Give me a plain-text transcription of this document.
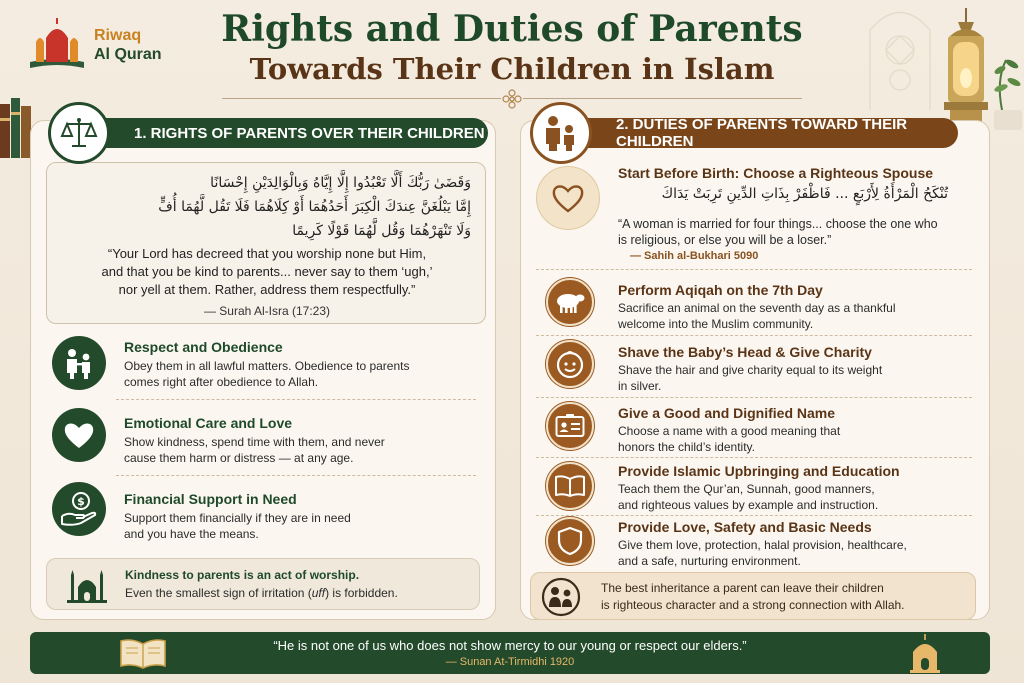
Riwaq
Al Quran
Rights and Duties of Parents
Towards Their Children in Islam
1. RIGHTS OF PARENTS OVER THEIR CHILDREN
وَقَضَىٰ رَبُّكَ أَلَّا تَعْبُدُوا إِلَّا إِيَّاهُ وَبِالْوَالِدَيْنِ إِحْسَانًا
إِمَّا يَبْلُغَنَّ عِندَكَ الْكِبَرَ أَحَدُهُمَا أَوْ كِلَاهُمَا فَلَا تَقُل لَّهُمَا أُفٍّ
وَلَا تَنْهَرْهُمَا وَقُل لَّهُمَا قَوْلًا كَرِيمًا
“Your Lord has decreed that you worship none but Him,
and that you be kind to parents... never say to them ‘ugh,’
nor yell at them. Rather, address them respectfully.”
— Surah Al-Isra (17:23)
Respect and Obedience
Obey them in all lawful matters. Obedience to parents
comes right after obedience to Allah.
Emotional Care and Love
Show kindness, spend time with them, and never
cause them harm or distress — at any age.
$	Financial Support in Need
Support them financially if they are in need
and you have the means.
Kindness to parents is an act of worship.
Even the smallest sign of irritation (uff) is forbidden.
2. DUTIES OF PARENTS TOWARD THEIR CHILDREN
Start Before Birth: Choose a Righteous Spouse
تُنْكَحُ الْمَرْأَةُ لِأَرْبَعٍ ... فَاظْفَرْ بِذَاتِ الدِّينِ تَرِبَتْ يَدَاكَ
“A woman is married for four things... choose the one who
is religious, or else you will be a loser.”
— Sahih al-Bukhari 5090
Perform Aqiqah on the 7th Day
Sacrifice an animal on the seventh day as a thankful
welcome into the Muslim community.
Shave the Baby’s Head & Give Charity
Shave the hair and give charity equal to its weight
in silver.
Give a Good and Dignified Name
Choose a name with a good meaning that
honors the child’s identity.
Provide Islamic Upbringing and Education
Teach them the Qur’an, Sunnah, good manners,
and righteous values by example and instruction.
Provide Love, Safety and Basic Needs
Give them love, protection, halal provision, healthcare,
and a safe, nurturing environment.
The best inheritance a parent can leave their children
is righteous character and a strong connection with Allah.
“He is not one of us who does not show mercy to our young or respect our elders.”
— Sunan At-Tirmidhi 1920
